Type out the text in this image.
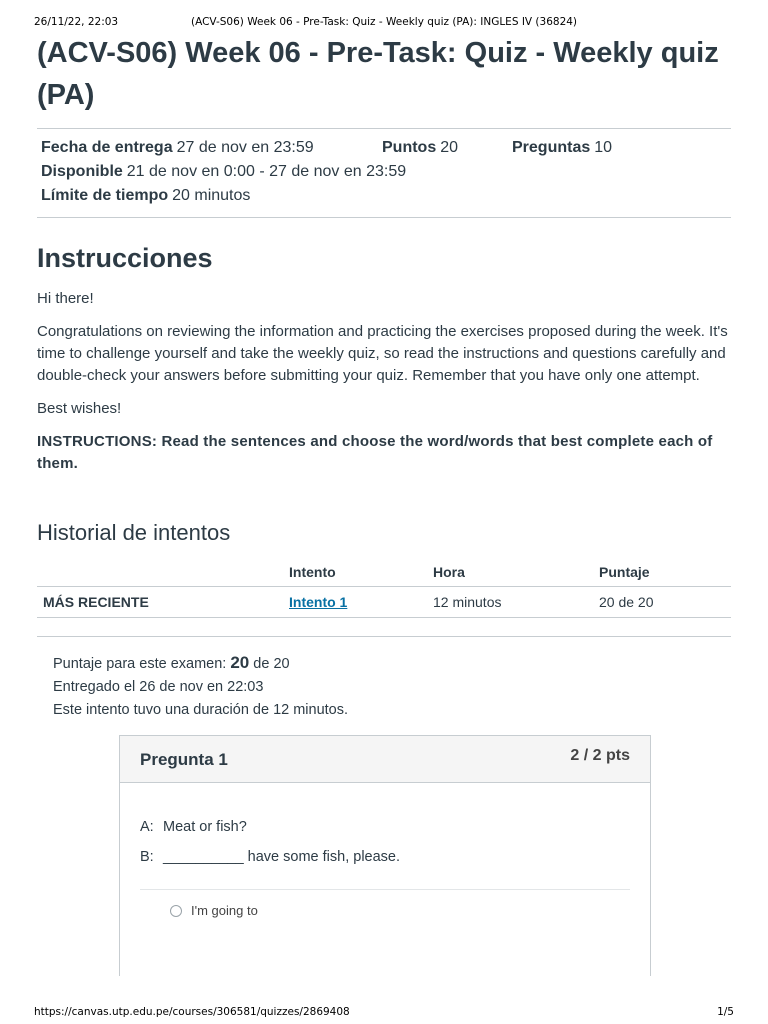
26/11/22, 22:03	(ACV-S06) Week 06 - Pre-Task: Quiz - Weekly quiz (PA): INGLES IV (36824)
(ACV-S06) Week 06 - Pre-Task: Quiz - Weekly quiz (PA)
Fecha de entrega 27 de nov en 23:59	Puntos 20	Preguntas 10
Disponible 21 de nov en 0:00 - 27 de nov en 23:59
Límite de tiempo 20 minutos
Instrucciones

Hi there!

Congratulations on reviewing the information and practicing the exercises proposed during the week. It's time to challenge yourself and take the weekly quiz, so read the instructions and questions carefully and double-check your answers before submitting your quiz. Remember that you have only one attempt.

Best wishes!

INSTRUCTIONS: Read the sentences and choose the word/words that best complete each of them.

Historial de intentos
	Intento	Hora	Puntaje
MÁS RECIENTE	Intento 1	12 minutos	20 de 20
Puntaje para este examen: 20 de 20
Entregado el 26 de nov en 22:03
Este intento tuvo una duración de 12 minutos.
Pregunta 1	2 / 2 pts
A: Meat or fish?
B: __________ have some fish, please.
I'm going to
https://canvas.utp.edu.pe/courses/306581/quizzes/2869408	1/5
